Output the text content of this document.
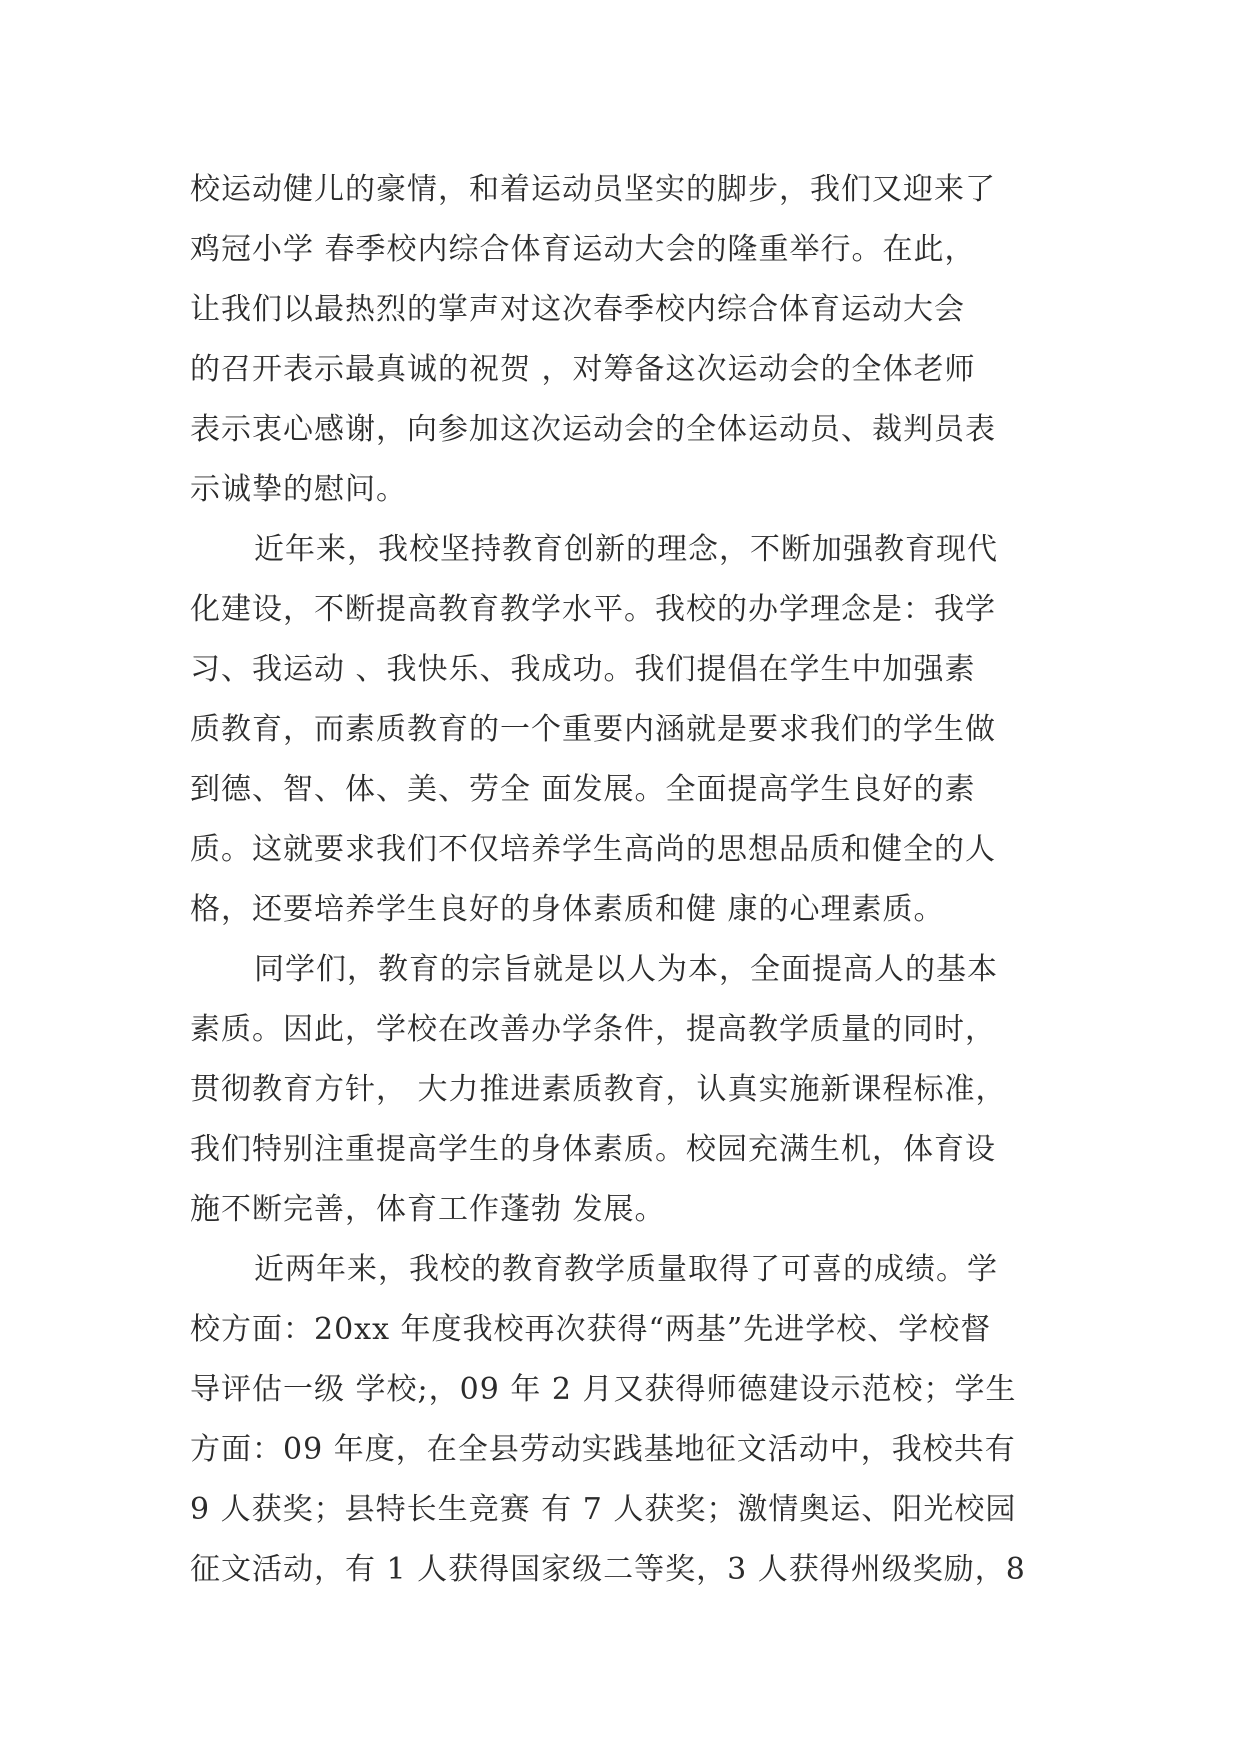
校运动健儿的豪情，和着运动员坚实的脚步，我们又迎来了
鸡冠小学 春季校内综合体育运动大会的隆重举行。在此，
让我们以最热烈的掌声对这次春季校内综合体育运动大会
的召开表示最真诚的祝贺 ，对筹备这次运动会的全体老师
表示衷心感谢，向参加这次运动会的全体运动员、裁判员表
示诚挚的慰问。
近年来，我校坚持教育创新的理念，不断加强教育现代
化建设，不断提高教育教学水平。我校的办学理念是：我学
习、我运动 、我快乐、我成功。我们提倡在学生中加强素
质教育，而素质教育的一个重要内涵就是要求我们的学生做
到德、智、体、美、劳全 面发展。全面提高学生良好的素
质。这就要求我们不仅培养学生高尚的思想品质和健全的人
格，还要培养学生良好的身体素质和健 康的心理素质。
同学们，教育的宗旨就是以人为本，全面提高人的基本
素质。因此，学校在改善办学条件，提高教学质量的同时，
贯彻教育方针， 大力推进素质教育，认真实施新课程标准，
我们特别注重提高学生的身体素质。校园充满生机，体育设
施不断完善，体育工作蓬勃 发展。
近两年来，我校的教育教学质量取得了可喜的成绩。学
校方面：20xx 年度我校再次获得“两基”先进学校、学校督
导评估一级 学校;，09 年 2 月又获得师德建设示范校；学生
方面：09 年度，在全县劳动实践基地征文活动中，我校共有
9 人获奖；县特长生竞赛 有 7 人获奖；激情奥运、阳光校园
征文活动，有 1 人获得国家级二等奖，3 人获得州级奖励，8
